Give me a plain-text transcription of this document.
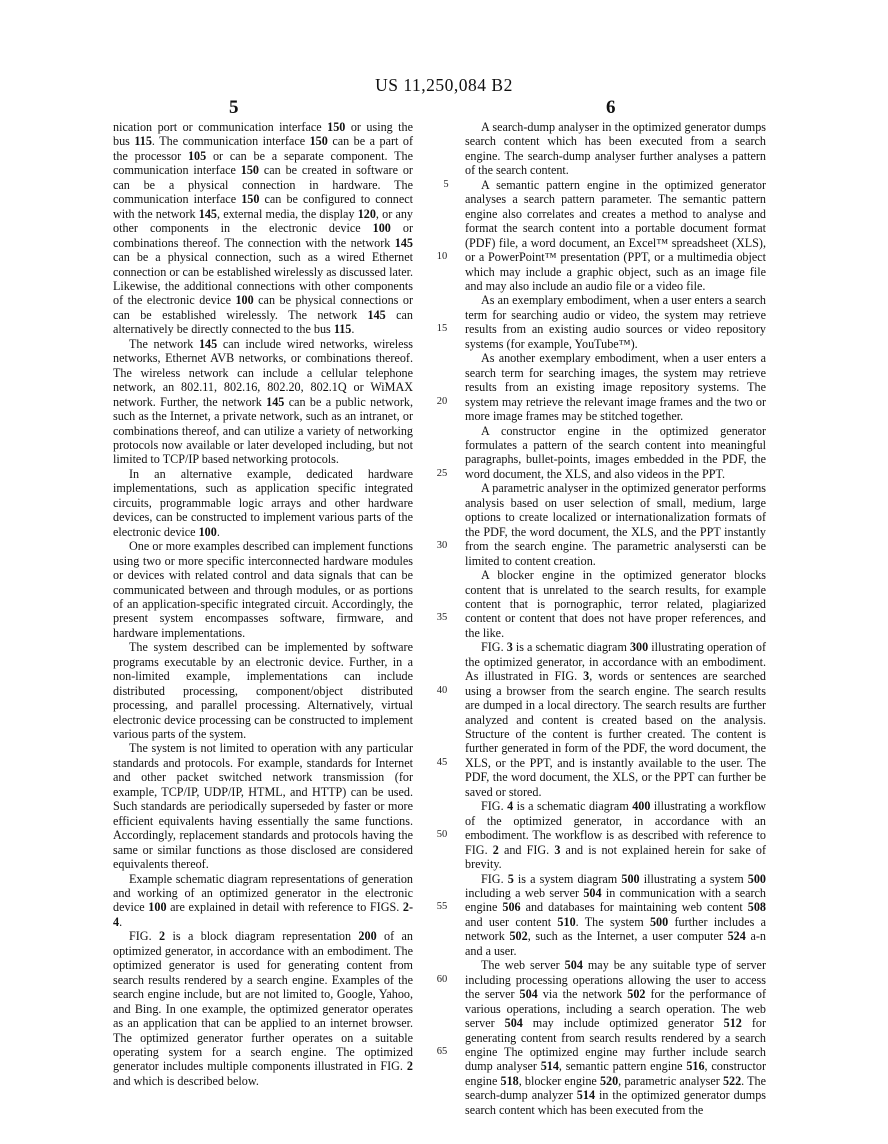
US 11,250,084 B2
5	6

nication port or communication interface 150 or using the bus 115. The communication interface 150 can be a part of the processor 105 or can be a separate component. The communication interface 150 can be created in software or can be a physical connection in hardware. The communication interface 150 can be configured to connect with the network 145, external media, the display 120, or any other components in the electronic device 100 or combinations thereof. The connection with the network 145 can be a physical connection, such as a wired Ethernet connection or can be established wirelessly as discussed later. Likewise, the additional connections with other components of the electronic device 100 can be physical connections or can be established wirelessly. The network 145 can alternatively be directly connected to the bus 115.

The network 145 can include wired networks, wireless networks, Ethernet AVB networks, or combinations thereof. The wireless network can include a cellular telephone network, an 802.11, 802.16, 802.20, 802.1Q or WiMAX network. Further, the network 145 can be a public network, such as the Internet, a private network, such as an intranet, or combinations thereof, and can utilize a variety of networking protocols now available or later developed including, but not limited to TCP/IP based networking protocols.

In an alternative example, dedicated hardware implementations, such as application specific integrated circuits, programmable logic arrays and other hardware devices, can be constructed to implement various parts of the electronic device 100.

One or more examples described can implement functions using two or more specific interconnected hardware modules or devices with related control and data signals that can be communicated between and through modules, or as portions of an application-specific integrated circuit. Accordingly, the present system encompasses software, firmware, and hardware implementations.

The system described can be implemented by software programs executable by an electronic device. Further, in a non-limited example, implementations can include distributed processing, component/object distributed processing, and parallel processing. Alternatively, virtual electronic device processing can be constructed to implement various parts of the system.

The system is not limited to operation with any particular standards and protocols. For example, standards for Internet and other packet switched network transmission (for example, TCP/IP, UDP/IP, HTML, and HTTP) can be used. Such standards are periodically superseded by faster or more efficient equivalents having essentially the same functions. Accordingly, replacement standards and protocols having the same or similar functions as those disclosed are considered equivalents thereof.

Example schematic diagram representations of generation and working of an optimized generator in the electronic device 100 are explained in detail with reference to FIGS. 2-4.

FIG. 2 is a block diagram representation 200 of an optimized generator, in accordance with an embodiment. The optimized generator is used for generating content from search results rendered by a search engine. Examples of the search engine include, but are not limited to, Google, Yahoo, and Bing. In one example, the optimized generator operates as an application that can be applied to an internet browser. The optimized generator further operates on a suitable operating system for a search engine. The optimized generator includes multiple components illustrated in FIG. 2 and which is described below.

A search-dump analyser in the optimized generator dumps search content which has been executed from a search engine. The search-dump analyser further analyses a pattern of the search content.

A semantic pattern engine in the optimized generator analyses a search pattern parameter. The semantic pattern engine also correlates and creates a method to analyse and format the search content into a portable document format (PDF) file, a word document, an Excel™ spreadsheet (XLS), or a PowerPoint™ presentation (PPT, or a multimedia object which may include a graphic object, such as an image file and may also include an audio file or a video file.

As an exemplary embodiment, when a user enters a search term for searching audio or video, the system may retrieve results from an existing audio sources or video repository systems (for example, YouTube™).

As another exemplary embodiment, when a user enters a search term for searching images, the system may retrieve results from an existing image repository systems. The system may retrieve the relevant image frames and the two or more image frames may be stitched together.

A constructor engine in the optimized generator formulates a pattern of the search content into meaningful paragraphs, bullet-points, images embedded in the PDF, the word document, the XLS, and also videos in the PPT.

A parametric analyser in the optimized generator performs analysis based on user selection of small, medium, large options to create localized or internationalization formats of the PDF, the word document, the XLS, and the PPT instantly from the search engine. The parametric analysersti can be limited to content creation.

A blocker engine in the optimized generator blocks content that is unrelated to the search results, for example content that is pornographic, terror related, plagiarized content or content that does not have proper references, and the like.

FIG. 3 is a schematic diagram 300 illustrating operation of the optimized generator, in accordance with an embodiment. As illustrated in FIG. 3, words or sentences are searched using a browser from the search engine. The search results are dumped in a local directory. The search results are further analyzed and content is created based on the analysis. Structure of the content is further created. The content is further generated in form of the PDF, the word document, the XLS, or the PPT, and is instantly available to the user. The PDF, the word document, the XLS, or the PPT can further be saved or stored.

FIG. 4 is a schematic diagram 400 illustrating a workflow of the optimized generator, in accordance with an embodiment. The workflow is as described with reference to FIG. 2 and FIG. 3 and is not explained herein for sake of brevity.

FIG. 5 is a system diagram 500 illustrating a system 500 including a web server 504 in communication with a search engine 506 and databases for maintaining web content 508 and user content 510. The system 500 further includes a network 502, such as the Internet, a user computer 524 a-n and a user.

The web server 504 may be any suitable type of server including processing operations allowing the user to access the server 504 via the network 502 for the performance of various operations, including a search operation. The web server 504 may include optimized generator 512 for generating content from search results rendered by a search engine The optimized engine may further include search dump analyser 514, semantic pattern engine 516, constructor engine 518, blocker engine 520, parametric analyser 522. The search-dump analyzer 514 in the optimized generator dumps search content which has been executed from the

5
10
15
20
25
30
35
40
45
50
55
60
65
